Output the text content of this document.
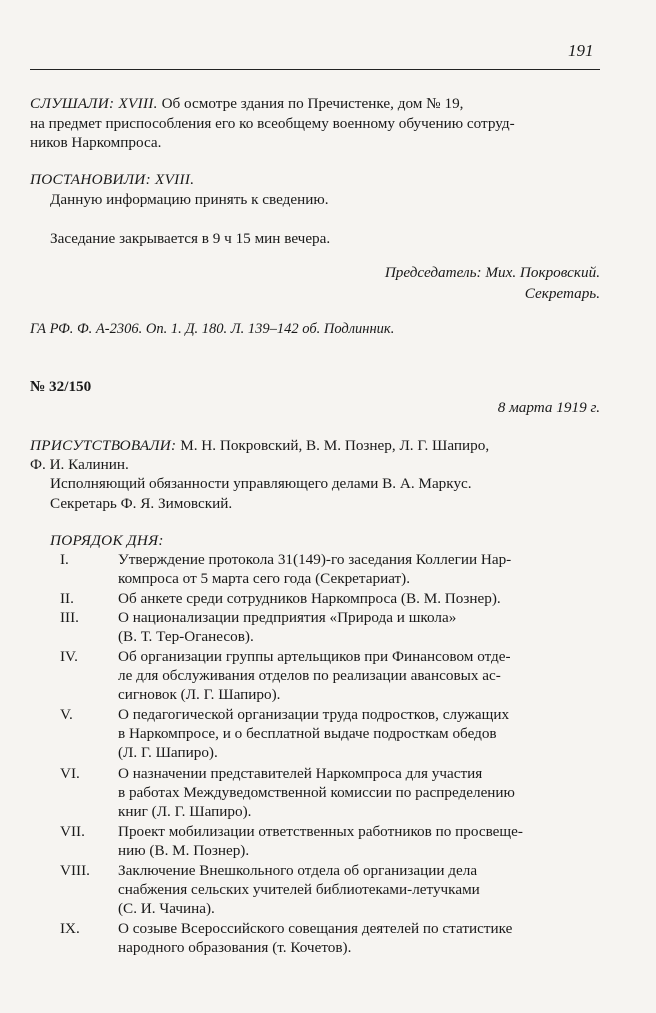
191
СЛУШАЛИ: XVIII. Об осмотре здания по Пречистенке, дом № 19,
на предмет приспособления его ко всеобщему военному обучению сотруд-
ников Наркомпроса.
ПОСТАНОВИЛИ: XVIII.
Данную информацию принять к сведению.
Заседание закрывается в 9 ч 15 мин вечера.
Председатель: Мих. Покровский.
Секретарь.
ГА РФ. Ф. А-2306. Оп. 1. Д. 180. Л. 139–142 об. Подлинник.
№ 32/150
8 марта 1919 г.
ПРИСУТСТВОВАЛИ: М. Н. Покровский, В. М. Познер, Л. Г. Шапиро,
Ф. И. Калинин.
Исполняющий обязанности управляющего делами В. А. Маркус.
Секретарь Ф. Я. Зимовский.
ПОРЯДОК ДНЯ:
I.	Утверждение протокола 31(149)-го заседания Коллегии Нар-
компроса от 5 марта сего года (Секретариат).
II.	Об анкете среди сотрудников Наркомпроса (В. М. Познер).
III.	О национализации предприятия «Природа и школа»
(В. Т. Тер-Оганесов).
IV.	Об организации группы артельщиков при Финансовом отде-
ле для обслуживания отделов по реализации авансовых ас-
сигновок (Л. Г. Шапиро).
V.	О педагогической организации труда подростков, служащих
в Наркомпросе, и о бесплатной выдаче подросткам обедов
(Л. Г. Шапиро).
VI.	О назначении представителей Наркомпроса для участия
в работах Междуведомственной комиссии по распределению
книг (Л. Г. Шапиро).
VII. Проект мобилизации ответственных работников по просвеще-
нию (В. М. Познер).
VIII. Заключение Внешкольного отдела об организации дела
снабжения сельских учителей библиотеками-летучками
(С. И. Чачина).
IX.	О созыве Всероссийского совещания деятелей по статистике
народного образования (т. Кочетов).
